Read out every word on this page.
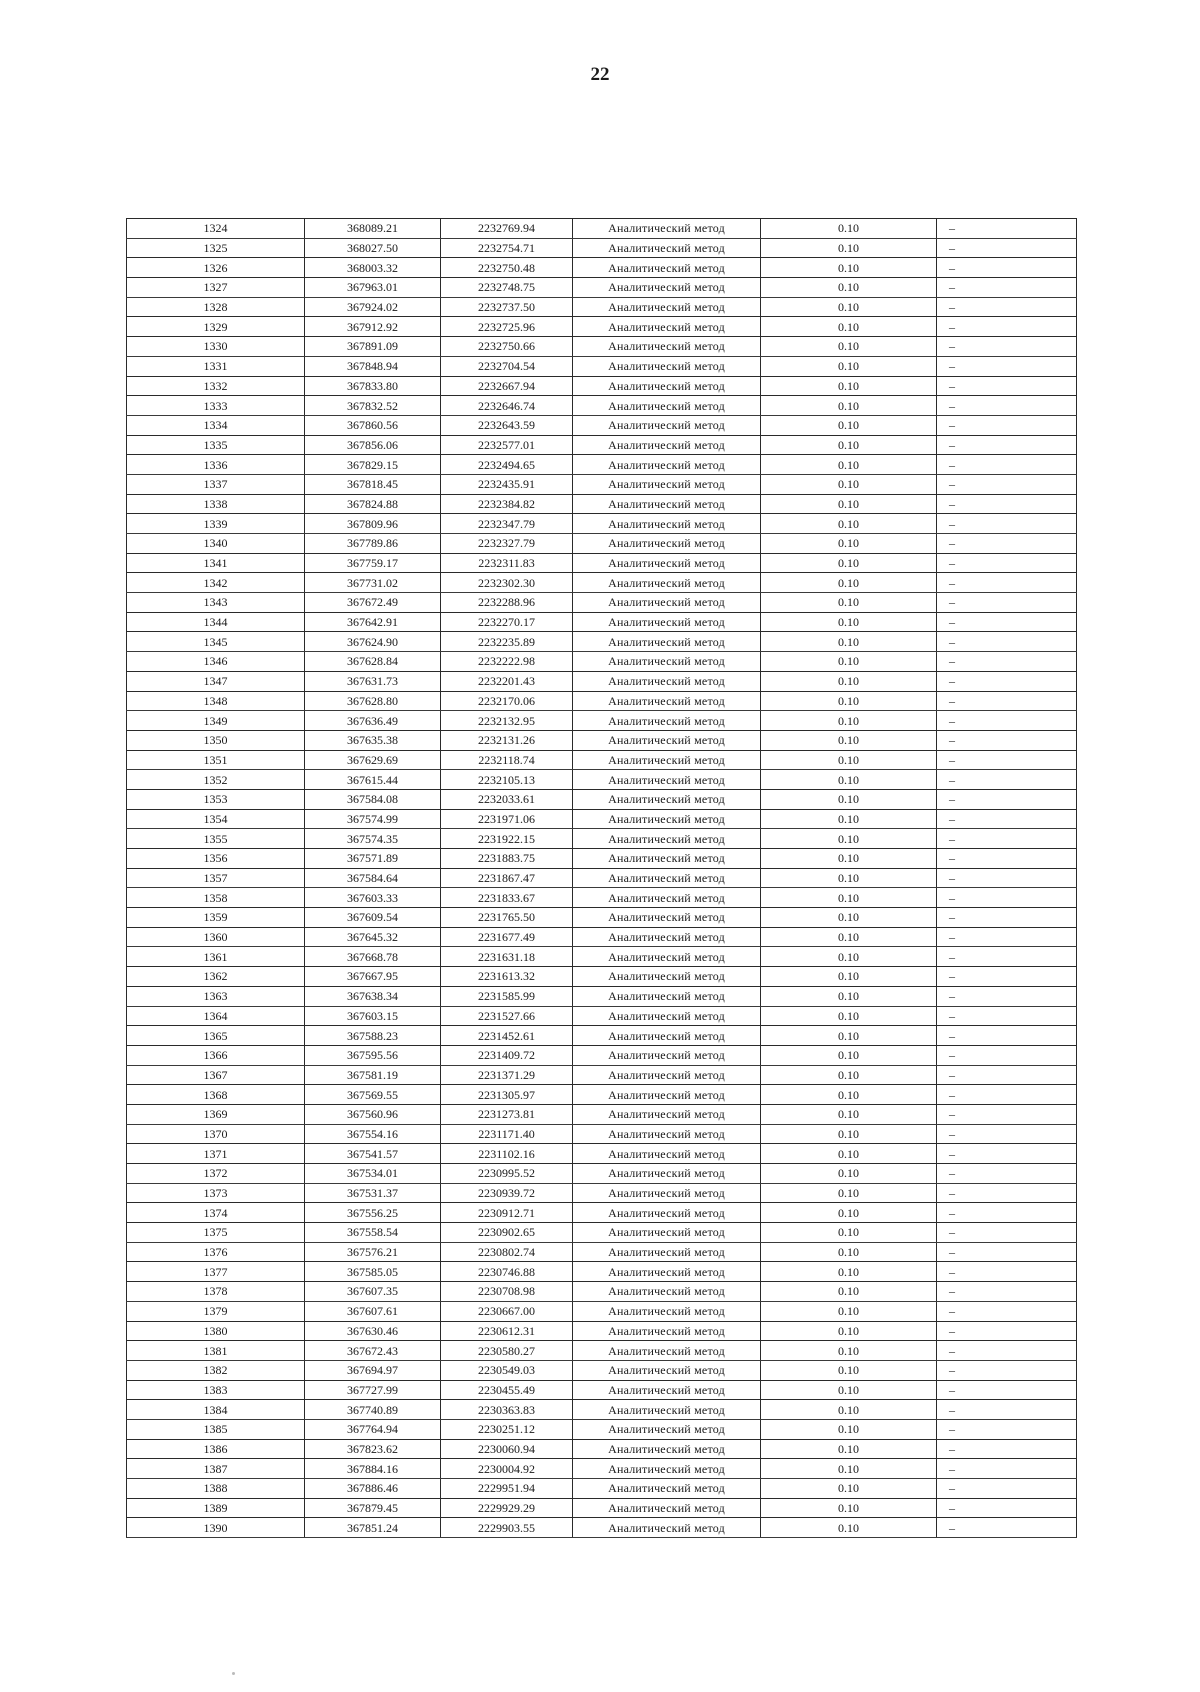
22
1324	368089.21	2232769.94	Аналитический метод	0.10	–
1325	368027.50	2232754.71	Аналитический метод	0.10	–
1326	368003.32	2232750.48	Аналитический метод	0.10	–
1327	367963.01	2232748.75	Аналитический метод	0.10	–
1328	367924.02	2232737.50	Аналитический метод	0.10	–
1329	367912.92	2232725.96	Аналитический метод	0.10	–
1330	367891.09	2232750.66	Аналитический метод	0.10	–
1331	367848.94	2232704.54	Аналитический метод	0.10	–
1332	367833.80	2232667.94	Аналитический метод	0.10	–
1333	367832.52	2232646.74	Аналитический метод	0.10	–
1334	367860.56	2232643.59	Аналитический метод	0.10	–
1335	367856.06	2232577.01	Аналитический метод	0.10	–
1336	367829.15	2232494.65	Аналитический метод	0.10	–
1337	367818.45	2232435.91	Аналитический метод	0.10	–
1338	367824.88	2232384.82	Аналитический метод	0.10	–
1339	367809.96	2232347.79	Аналитический метод	0.10	–
1340	367789.86	2232327.79	Аналитический метод	0.10	–
1341	367759.17	2232311.83	Аналитический метод	0.10	–
1342	367731.02	2232302.30	Аналитический метод	0.10	–
1343	367672.49	2232288.96	Аналитический метод	0.10	–
1344	367642.91	2232270.17	Аналитический метод	0.10	–
1345	367624.90	2232235.89	Аналитический метод	0.10	–
1346	367628.84	2232222.98	Аналитический метод	0.10	–
1347	367631.73	2232201.43	Аналитический метод	0.10	–
1348	367628.80	2232170.06	Аналитический метод	0.10	–
1349	367636.49	2232132.95	Аналитический метод	0.10	–
1350	367635.38	2232131.26	Аналитический метод	0.10	–
1351	367629.69	2232118.74	Аналитический метод	0.10	–
1352	367615.44	2232105.13	Аналитический метод	0.10	–
1353	367584.08	2232033.61	Аналитический метод	0.10	–
1354	367574.99	2231971.06	Аналитический метод	0.10	–
1355	367574.35	2231922.15	Аналитический метод	0.10	–
1356	367571.89	2231883.75	Аналитический метод	0.10	–
1357	367584.64	2231867.47	Аналитический метод	0.10	–
1358	367603.33	2231833.67	Аналитический метод	0.10	–
1359	367609.54	2231765.50	Аналитический метод	0.10	–
1360	367645.32	2231677.49	Аналитический метод	0.10	–
1361	367668.78	2231631.18	Аналитический метод	0.10	–
1362	367667.95	2231613.32	Аналитический метод	0.10	–
1363	367638.34	2231585.99	Аналитический метод	0.10	–
1364	367603.15	2231527.66	Аналитический метод	0.10	–
1365	367588.23	2231452.61	Аналитический метод	0.10	–
1366	367595.56	2231409.72	Аналитический метод	0.10	–
1367	367581.19	2231371.29	Аналитический метод	0.10	–
1368	367569.55	2231305.97	Аналитический метод	0.10	–
1369	367560.96	2231273.81	Аналитический метод	0.10	–
1370	367554.16	2231171.40	Аналитический метод	0.10	–
1371	367541.57	2231102.16	Аналитический метод	0.10	–
1372	367534.01	2230995.52	Аналитический метод	0.10	–
1373	367531.37	2230939.72	Аналитический метод	0.10	–
1374	367556.25	2230912.71	Аналитический метод	0.10	–
1375	367558.54	2230902.65	Аналитический метод	0.10	–
1376	367576.21	2230802.74	Аналитический метод	0.10	–
1377	367585.05	2230746.88	Аналитический метод	0.10	–
1378	367607.35	2230708.98	Аналитический метод	0.10	–
1379	367607.61	2230667.00	Аналитический метод	0.10	–
1380	367630.46	2230612.31	Аналитический метод	0.10	–
1381	367672.43	2230580.27	Аналитический метод	0.10	–
1382	367694.97	2230549.03	Аналитический метод	0.10	–
1383	367727.99	2230455.49	Аналитический метод	0.10	–
1384	367740.89	2230363.83	Аналитический метод	0.10	–
1385	367764.94	2230251.12	Аналитический метод	0.10	–
1386	367823.62	2230060.94	Аналитический метод	0.10	–
1387	367884.16	2230004.92	Аналитический метод	0.10	–
1388	367886.46	2229951.94	Аналитический метод	0.10	–
1389	367879.45	2229929.29	Аналитический метод	0.10	–
1390	367851.24	2229903.55	Аналитический метод	0.10	–
